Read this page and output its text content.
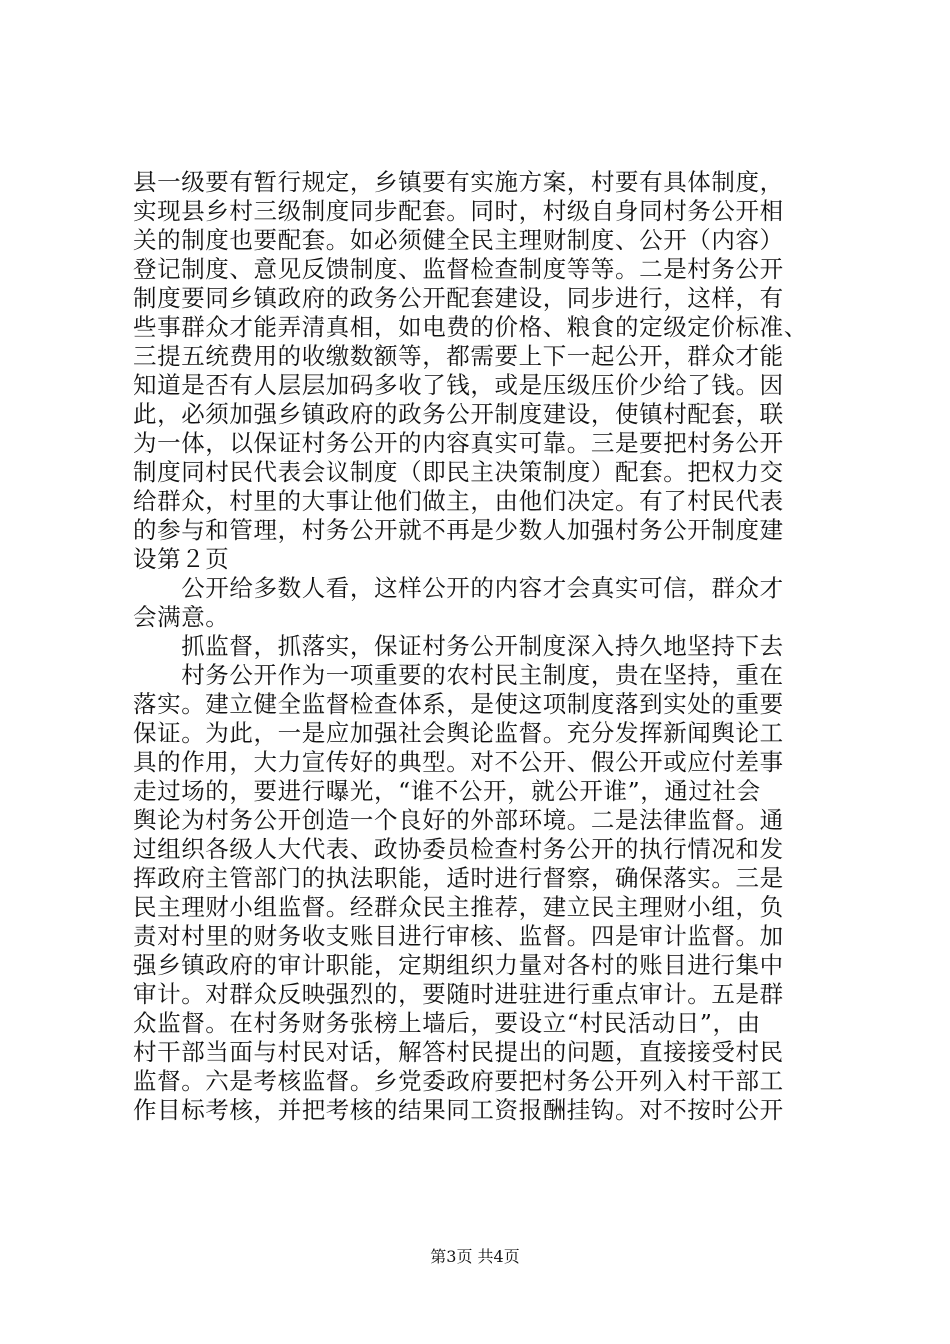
县一级要有暂行规定，乡镇要有实施方案，村要有具体制度，
实现县乡村三级制度同步配套。同时，村级自身同村务公开相
关的制度也要配套。如必须健全民主理财制度、公开（内容）
登记制度、意见反馈制度、监督检查制度等等。二是村务公开
制度要同乡镇政府的政务公开配套建设，同步进行，这样，有
些事群众才能弄清真相，如电费的价格、粮食的定级定价标准、
三提五统费用的收缴数额等，都需要上下一起公开，群众才能
知道是否有人层层加码多收了钱，或是压级压价少给了钱。因
此，必须加强乡镇政府的政务公开制度建设，使镇村配套，联
为一体，以保证村务公开的内容真实可靠。三是要把村务公开
制度同村民代表会议制度（即民主决策制度）配套。把权力交
给群众，村里的大事让他们做主，由他们决定。有了村民代表
的参与和管理，村务公开就不再是少数人加强村务公开制度建
设第２页
　　公开给多数人看，这样公开的内容才会真实可信，群众才
会满意。
　　抓监督，抓落实，保证村务公开制度深入持久地坚持下去
　　村务公开作为一项重要的农村民主制度，贵在坚持，重在
落实。建立健全监督检查体系，是使这项制度落到实处的重要
保证。为此，一是应加强社会舆论监督。充分发挥新闻舆论工
具的作用，大力宣传好的典型。对不公开、假公开或应付差事
走过场的，要进行曝光，“谁不公开，就公开谁”，通过社会
舆论为村务公开创造一个良好的外部环境。二是法律监督。通
过组织各级人大代表、政协委员检查村务公开的执行情况和发
挥政府主管部门的执法职能，适时进行督察，确保落实。三是
民主理财小组监督。经群众民主推荐，建立民主理财小组，负
责对村里的财务收支账目进行审核、监督。四是审计监督。加
强乡镇政府的审计职能，定期组织力量对各村的账目进行集中
审计。对群众反映强烈的，要随时进驻进行重点审计。五是群
众监督。在村务财务张榜上墙后，要设立“村民活动日”，由
村干部当面与村民对话，解答村民提出的问题，直接接受村民
监督。六是考核监督。乡党委政府要把村务公开列入村干部工
作目标考核，并把考核的结果同工资报酬挂钩。对不按时公开
第3页 共4页
